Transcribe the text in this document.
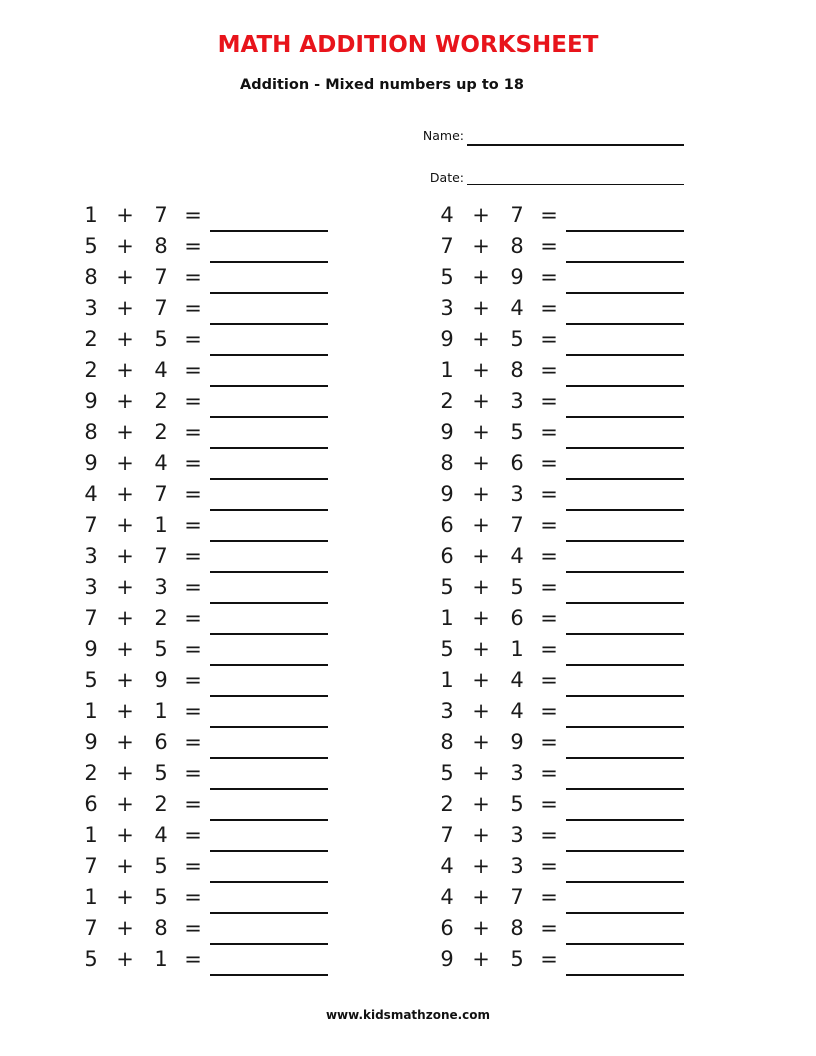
MATH ADDITION WORKSHEET
Addition - Mixed numbers up to 18
Name:
Date:
1 + 7 =
5 + 8 =
8 + 7 =
3 + 7 =
2 + 5 =
2 + 4 =
9 + 2 =
8 + 2 =
9 + 4 =
4 + 7 =
7 + 1 =
3 + 7 =
3 + 3 =
7 + 2 =
9 + 5 =
5 + 9 =
1 + 1 =
9 + 6 =
2 + 5 =
6 + 2 =
1 + 4 =
7 + 5 =
1 + 5 =
7 + 8 =
5 + 1 =
4 + 7 =
7 + 8 =
5 + 9 =
3 + 4 =
9 + 5 =
1 + 8 =
2 + 3 =
9 + 5 =
8 + 6 =
9 + 3 =
6 + 7 =
6 + 4 =
5 + 5 =
1 + 6 =
5 + 1 =
1 + 4 =
3 + 4 =
8 + 9 =
5 + 3 =
2 + 5 =
7 + 3 =
4 + 3 =
4 + 7 =
6 + 8 =
9 + 5 =
www.kidsmathzone.com
